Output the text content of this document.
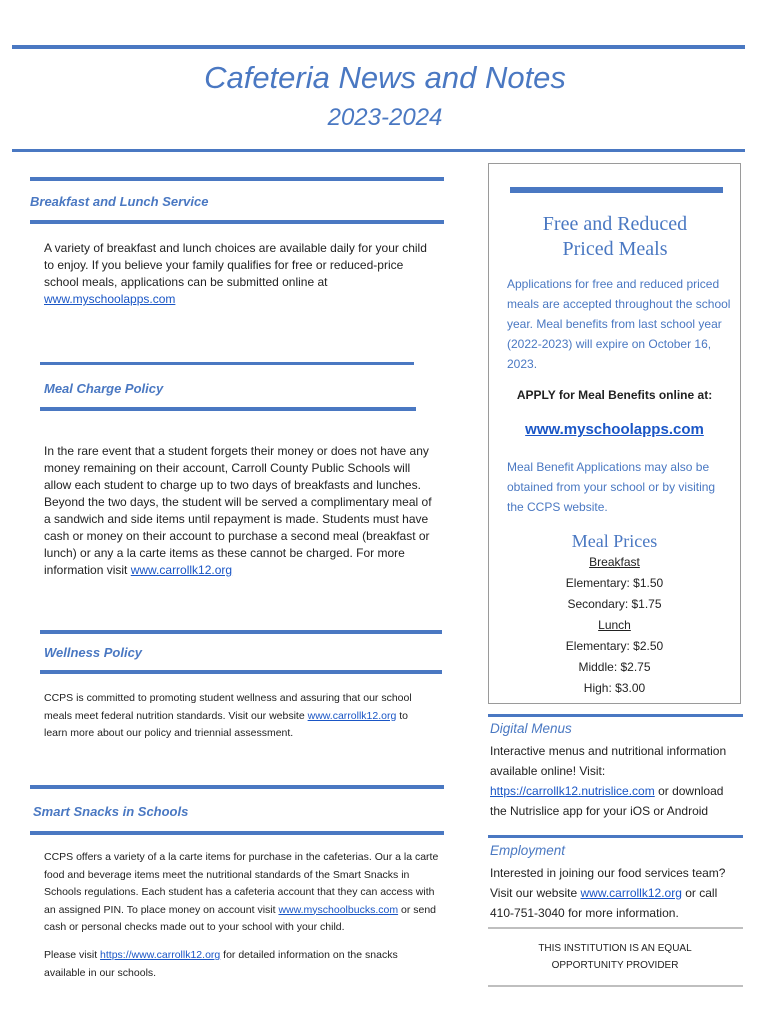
Cafeteria News and Notes
2023-2024
Breakfast and Lunch Service
A variety of breakfast and lunch choices are available daily for your child to enjoy. If you believe your family qualifies for free or reduced-price school meals, applications can be submitted online at www.myschoolapps.com
Meal Charge Policy
In the rare event that a student forgets their money or does not have any money remaining on their account, Carroll County Public Schools will allow each student to charge up to two days of breakfasts and lunches. Beyond the two days, the student will be served a complimentary meal of a sandwich and side items until repayment is made. Students must have cash or money on their account to purchase a second meal (breakfast or lunch) or any a la carte items as these cannot be charged. For more information visit www.carrollk12.org
Wellness Policy
CCPS is committed to promoting student wellness and assuring that our school meals meet federal nutrition standards. Visit our website www.carrollk12.org to learn more about our policy and triennial assessment.
Smart Snacks in Schools
CCPS offers a variety of a la carte items for purchase in the cafeterias. Our a la carte food and beverage items meet the nutritional standards of the Smart Snacks in Schools regulations. Each student has a cafeteria account that they can access with an assigned PIN. To place money on account visit www.myschoolbucks.com or send cash or personal checks made out to your school with your child.
Please visit https://www.carrollk12.org for detailed information on the snacks available in our schools.
Free and Reduced Priced Meals
Applications for free and reduced priced meals are accepted throughout the school year. Meal benefits from last school year (2022-2023) will expire on October 16, 2023.
APPLY for Meal Benefits online at:
www.myschoolapps.com
Meal Benefit Applications may also be obtained from your school or by visiting the CCPS website.
Meal Prices
Breakfast
Elementary: $1.50
Secondary: $1.75
Lunch
Elementary: $2.50
Middle: $2.75
High: $3.00
Digital Menus
Interactive menus and nutritional information available online! Visit: https://carrollk12.nutrislice.com or download the Nutrislice app for your iOS or Android
Employment
Interested in joining our food services team? Visit our website www.carrollk12.org or call 410-751-3040 for more information.
THIS INSTITUTION IS AN EQUAL OPPORTUNITY PROVIDER
